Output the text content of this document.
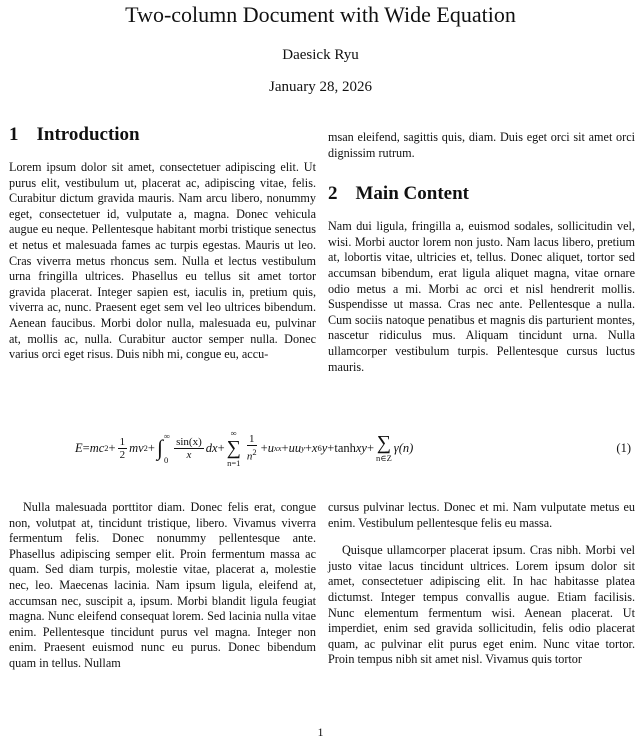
Two-column Document with Wide Equation
Daesick Ryu
January 28, 2026
1 Introduction

Lorem ipsum dolor sit amet, consectetuer adipiscing elit. Ut purus elit, vestibulum ut, placerat ac, adipiscing vitae, felis. Curabitur dictum gravida mauris. Nam arcu libero, nonummy eget, consectetuer id, vulputate a, magna. Donec vehicula augue eu neque. Pellentesque habitant morbi tristique senectus et netus et malesuada fames ac turpis egestas. Mauris ut leo. Cras viverra metus rhoncus sem. Nulla et lectus vestibulum urna fringilla ultrices. Phasellus eu tellus sit amet tortor gravida placerat. Integer sapien est, iaculis in, pretium quis, viverra ac, nunc. Praesent eget sem vel leo ultrices bibendum. Aenean faucibus. Morbi dolor nulla, malesuada eu, pulvinar at, mollis ac, nulla. Curabitur auctor semper nulla. Donec varius orci eget risus. Duis nibh mi, congue eu, accu-

msan eleifend, sagittis quis, diam. Duis eget orci sit amet orci dignissim rutrum.

2 Main Content

Nam dui ligula, fringilla a, euismod sodales, sollicitudin vel, wisi. Morbi auctor lorem non justo. Nam lacus libero, pretium at, lobortis vitae, ultricies et, tellus. Donec aliquet, tortor sed accumsan bibendum, erat ligula aliquet magna, vitae ornare odio metus a mi. Morbi ac orci et nisl hendrerit mollis. Suspendisse ut massa. Cras nec ante. Pellentesque a nulla. Cum sociis natoque penatibus et magnis dis parturient montes, nascetur ridiculus mus. Aliquam tincidunt urna. Nulla ullamcorper vestibulum turpis. Pellentesque cursus luctus mauris.

E = mc $2 + \frac{1}{2}$ mv 2 + ∫ ∞
$0 \frac{\sin(x)}{x}$ dx +
∞
∑
n=1
$\frac{1}{n^2} + u$ xx + uu y + x 6 y + tanh xy + ∑
n∈Z
γ(n)	(1)

Nulla malesuada porttitor diam. Donec felis erat, congue non, volutpat at, tincidunt tristique, libero. Vivamus viverra fermentum felis. Donec nonummy pellentesque ante. Phasellus adipiscing semper elit. Proin fermentum massa ac quam. Sed diam turpis, molestie vitae, placerat a, molestie nec, leo. Maecenas lacinia. Nam ipsum ligula, eleifend at, accumsan nec, suscipit a, ipsum. Morbi blandit ligula feugiat magna. Nunc eleifend consequat lorem. Sed lacinia nulla vitae enim. Pellentesque tincidunt purus vel magna. Integer non enim. Praesent euismod nunc eu purus. Donec bibendum quam in tellus. Nullam

cursus pulvinar lectus. Donec et mi. Nam vulputate metus eu enim. Vestibulum pellentesque felis eu massa.

Quisque ullamcorper placerat ipsum. Cras nibh. Morbi vel justo vitae lacus tincidunt ultrices. Lorem ipsum dolor sit amet, consectetuer adipiscing elit. In hac habitasse platea dictumst. Integer tempus convallis augue. Etiam facilisis. Nunc elementum fermentum wisi. Aenean placerat. Ut imperdiet, enim sed gravida sollicitudin, felis odio placerat quam, ac pulvinar elit purus eget enim. Nunc vitae tortor. Proin tempus nibh sit amet nisl. Vivamus quis tortor

1
